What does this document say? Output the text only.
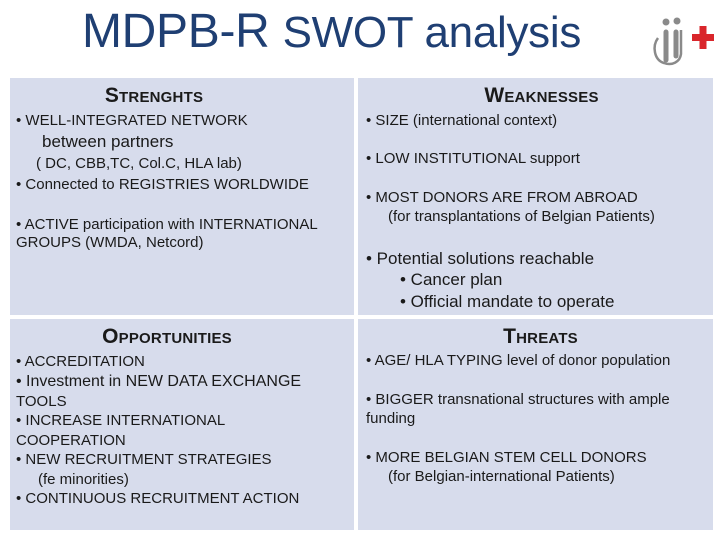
MDPB-R SWOT analysis
STRENGHTS

• WELL-INTEGRATED NETWORK

between partners

( DC, CBB,TC, Col.C, HLA lab)

• Connected to REGISTRIES WORLDWIDE

• ACTIVE participation with INTERNATIONAL

GROUPS (WMDA, Netcord)

WEAKNESSES

• SIZE (international context)

• LOW INSTITUTIONAL support

• MOST DONORS ARE FROM ABROAD

(for transplantations of Belgian Patients)

• Potential solutions reachable

• Cancer plan

• Official mandate to operate

OPPORTUNITIES

• ACCREDITATION

• Investment in NEW DATA EXCHANGE

TOOLS

• INCREASE INTERNATIONAL

COOPERATION

• NEW RECRUITMENT STRATEGIES

(fe minorities)

• CONTINUOUS RECRUITMENT ACTION

THREATS

• AGE/ HLA TYPING level of donor population

• BIGGER transnational structures with ample

funding

• MORE BELGIAN STEM CELL DONORS

(for Belgian-international Patients)
